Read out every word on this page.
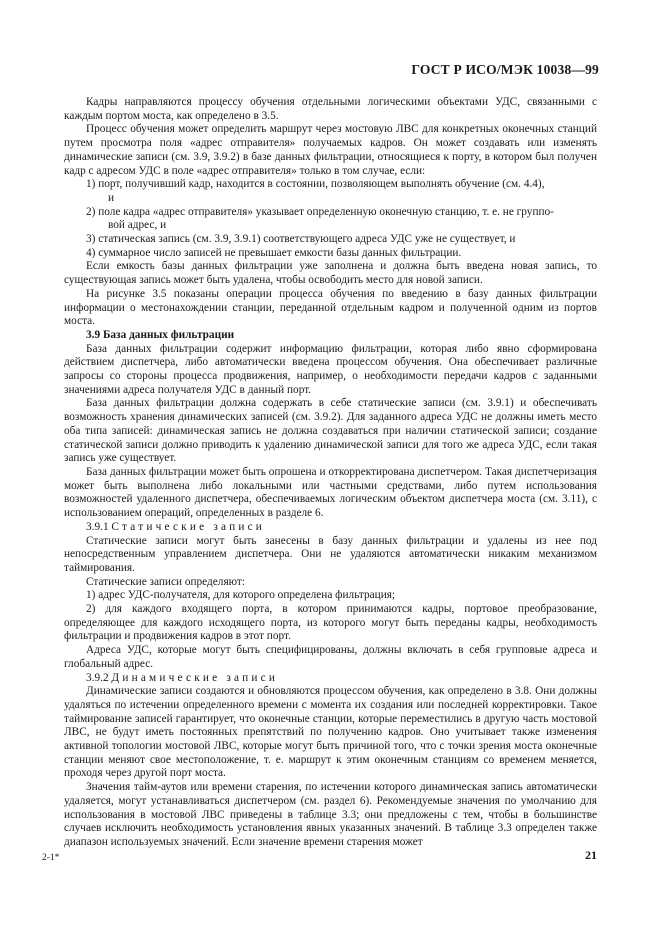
ГОСТ Р ИСО/МЭК 10038—99

Кадры направляются процессу обучения отдельными логическими объектами УДС, связанными с каждым портом моста, как определено в 3.5.

Процесс обучения может определить маршрут через мостовую ЛВС для конкретных оконечных станций путем просмотра поля «адрес отправителя» получаемых кадров. Он может создавать или изменять динамические записи (см. 3.9, 3.9.2) в базе данных фильтрации, относящиеся к порту, в котором был получен кадр с адресом УДС в поле «адрес отправителя» только в том случае, если:

1) порт, получивший кадр, находится в состоянии, позволяющем выполнять обучение (см. 4.4),

и

2) поле кадра «адрес отправителя» указывает определенную оконечную станцию, т. е. не группо-

вой адрес, и

3) статическая запись (см. 3.9, 3.9.1) соответствующего адреса УДС уже не существует, и

4) суммарное число записей не превышает емкости базы данных фильтрации.

Если емкость базы данных фильтрации уже заполнена и должна быть введена новая запись, то существующая запись может быть удалена, чтобы освободить место для новой записи.

На рисунке 3.5 показаны операции процесса обучения по введению в базу данных фильтрации информации о местонахождении станции, переданной отдельным кадром и полученной одним из портов моста.

3.9 База данных фильтрации

База данных фильтрации содержит информацию фильтрации, которая либо явно сформирована действием диспетчера, либо автоматически введена процессом обучения. Она обеспечивает различные запросы со стороны процесса продвижения, например, о необходимости передачи кадров с заданными значениями адреса получателя УДС в данный порт.

База данных фильтрации должна содержать в себе статические записи (см. 3.9.1) и обеспечивать возможность хранения динамических записей (см. 3.9.2). Для заданного адреса УДС не должны иметь место оба типа записей: динамическая запись не должна создаваться при наличии статической записи; создание статической записи должно приводить к удалению динамической записи для того же адреса УДС, если такая запись уже существует.

База данных фильтрации может быть опрошена и откорректирована диспетчером. Такая диспетчеризация может быть выполнена либо локальными или частными средствами, либо путем использования возможностей удаленного диспетчера, обеспечиваемых логическим объектом диспетчера моста (см. 3.11), с использованием операций, определенных в разделе 6.

3.9.1 Статические записи

Статические записи могут быть занесены в базу данных фильтрации и удалены из нее под непосредственным управлением диспетчера. Они не удаляются автоматически никаким механизмом таймирования.

Статические записи определяют:

1) адрес УДС-получателя, для которого определена фильтрация;

2) для каждого входящего порта, в котором принимаются кадры, портовое преобразование, определяющее для каждого исходящего порта, из которого могут быть переданы кадры, необходимость фильтрации и продвижения кадров в этот порт.

Адреса УДС, которые могут быть специфицированы, должны включать в себя групповые адреса и глобальный адрес.

3.9.2 Динамические записи

Динамические записи создаются и обновляются процессом обучения, как определено в 3.8. Они должны удаляться по истечении определенного времени с момента их создания или последней корректировки. Такое таймирование записей гарантирует, что оконечные станции, которые переместились в другую часть мостовой ЛВС, не будут иметь постоянных препятствий по получению кадров. Оно учитывает также изменения активной топологии мостовой ЛВС, которые могут быть причиной того, что с точки зрения моста оконечные станции меняют свое местоположение, т. е. маршрут к этим оконечным станциям со временем меняется, проходя через другой порт моста.

Значения тайм-аутов или времени старения, по истечении которого динамическая запись автоматически удаляется, могут устанавливаться диспетчером (см. раздел 6). Рекомендуемые значения по умолчанию для использования в мостовой ЛВС приведены в таблице 3.3; они предложены с тем, чтобы в большинстве случаев исключить необходимость установления явных указанных значений. В таблице 3.3 определен также диапазон используемых значений. Если значение времени старения может

2-1*	21
